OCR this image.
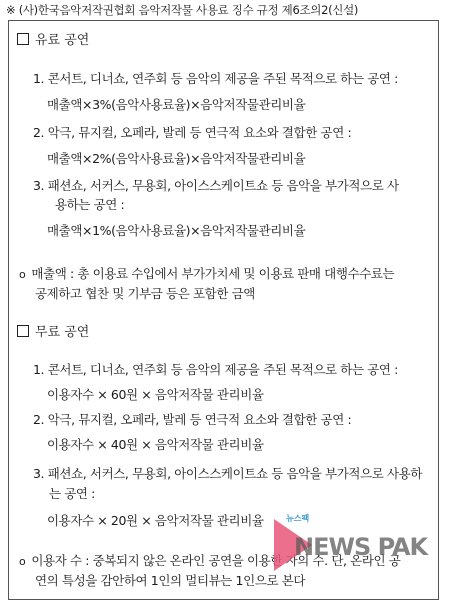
※ (사)한국음악저작권협회 음악저작물 사용료 징수 규정 제6조의2(신설)
유료 공연
1. 콘서트, 디너쇼, 연주회 등 음악의 제공을 주된 목적으로 하는 공연 :
매출액×3%(음악사용료율)×음악저작물관리비율
2. 악극, 뮤지컬, 오페라, 발레 등 연극적 요소와 결합한 공연 :
매출액×2%(음악사용료율)×음악저작물관리비율
3. 패션쇼, 서커스, 무용회, 아이스스케이트쇼 등 음악을 부가적으로 사
용하는 공연 :
매출액×1%(음악사용료율)×음악저작물관리비율
o 매출액 : 총 이용료 수입에서 부가가치세 및 이용료 판매 대행수수료는
공제하고 협찬 및 기부금 등은 포함한 금액
무료 공연
1. 콘서트, 디너쇼, 연주회 등 음악의 제공을 주된 목적으로 하는 공연 :
이용자수 × 60원 × 음악저작물 관리비율
2. 악극, 뮤지컬, 오페라, 발레 등 연극적 요소와 결합한 공연 :
이용자수 × 40원 × 음악저작물 관리비율
3. 패션쇼, 서커스, 무용회, 아이스스케이트쇼 등 음악을 부가적으로 사용하
는 공연 :
이용자수 × 20원 × 음악저작물 관리비율
o 이용자 수 : 중복되지 않은 온라인 공연을 이용한 자의 수. 단, 온라인 공
연의 특성을 감안하여 1인의 멀티뷰는 1인으로 본다
뉴스팩
NEWS PAK
